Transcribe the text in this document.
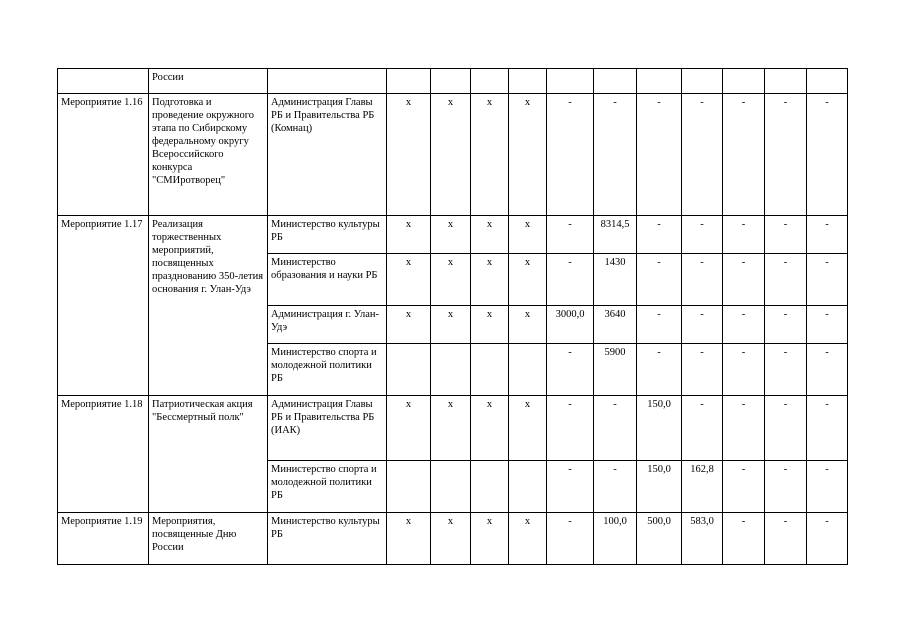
	России												
Мероприятие 1.16	Подготовка и проведение окружного этапа по Сибирскому федеральному округу Всероссийского конкурса "СМИротворец"	Администрация Главы РБ и Правительства РБ (Комнац)	x	x	x	x	-	-	-	-	-	-	-
Мероприятие 1.17	Реализация торжественных мероприятий, посвященных празднованию 350-летия основания г. Улан-Удэ	Министерство культуры РБ	x	x	x	x	-	8314,5	-	-	-	-	-
		Министерство образования и науки РБ	x	x	x	x	-	1430	-	-	-	-	-
		Администрация г. Улан-Удэ	x	x	x	x	3000,0	3640	-	-	-	-	-
		Министерство спорта и молодежной политики РБ					-	5900	-	-	-	-	-
Мероприятие 1.18	Патриотическая акция "Бессмертный полк"	Администрация Главы РБ и Правительства РБ (ИАК)	x	x	x	x	-	-	150,0	-	-	-	-
		Министерство спорта и молодежной политики РБ					-	-	150,0	162,8	-	-	-
Мероприятие 1.19	Мероприятия, посвященные Дню России	Министерство культуры РБ	x	x	x	x	-	100,0	500,0	583,0	-	-	-
